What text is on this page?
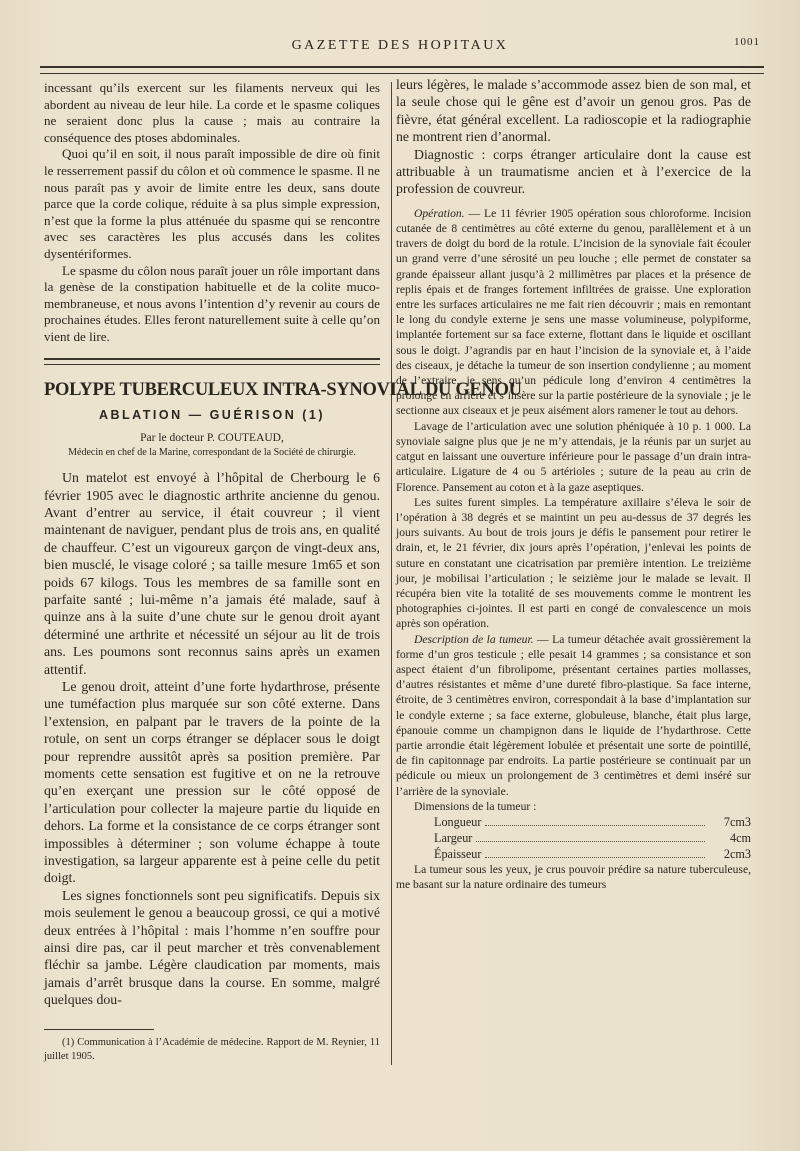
GAZETTE DES HOPITAUX	1001

incessant qu’ils exercent sur les filaments nerveux qui les abordent au niveau de leur hile. La corde et le spasme coliques ne seraient donc plus la cause ; mais au contraire la conséquence des ptoses abdominales.

Quoi qu’il en soit, il nous paraît impossible de dire où finit le resserrement passif du côlon et où commence le spasme. Il ne nous paraît pas y avoir de limite entre les deux, sans doute parce que la corde colique, réduite à sa plus simple expression, n’est que la forme la plus atténuée du spasme qui se rencontre avec ses caractères les plus accusés dans les colites dysentériformes.

Le spasme du côlon nous paraît jouer un rôle important dans la genèse de la constipation habituelle et de la colite muco-membraneuse, et nous avons l’intention d’y revenir au cours de prochaines études. Elles feront naturellement suite à celle qu’on vient de lire.

POLYPE TUBERCULEUX INTRA-SYNOVIAL DU GENOU
ABLATION — GUÉRISON (1)
Par le docteur P. COUTEAUD,
Médecin en chef de la Marine, correspondant de la Société de chirurgie.

Un matelot est envoyé à l’hôpital de Cherbourg le 6 février 1905 avec le diagnostic arthrite ancienne du genou. Avant d’entrer au service, il était couvreur ; il vient maintenant de naviguer, pendant plus de trois ans, en qualité de chauffeur. C’est un vigoureux garçon de vingt-deux ans, bien musclé, le visage coloré ; sa taille mesure 1m65 et son poids 67 kilogs. Tous les membres de sa famille sont en parfaite santé ; lui-même n’a jamais été malade, sauf à quinze ans à la suite d’une chute sur le genou droit ayant déterminé une arthrite et nécessité un séjour au lit de trois ans. Les poumons sont reconnus sains après un examen attentif.

Le genou droit, atteint d’une forte hydarthrose, présente une tuméfaction plus marquée sur son côté externe. Dans l’extension, en palpant par le travers de la pointe de la rotule, on sent un corps étranger se déplacer sous le doigt pour reprendre aussitôt après sa position première. Par moments cette sensation est fugitive et on ne la retrouve qu’en exerçant une pression sur le côté opposé de l’articulation pour collecter la majeure partie du liquide en dehors. La forme et la consistance de ce corps étranger sont impossibles à déterminer ; son volume échappe à toute investigation, sa largeur apparente est à peine celle du petit doigt.

Les signes fonctionnels sont peu significatifs. Depuis six mois seulement le genou a beaucoup grossi, ce qui a motivé deux entrées à l’hôpital : mais l’homme n’en souffre pour ainsi dire pas, car il peut marcher et très convenablement fléchir sa jambe. Légère claudication par moments, mais jamais d’arrêt brusque dans la course. En somme, malgré quelques dou-

(1) Communication à l’Académie de médecine. Rapport de M. Reynier, 11 juillet 1905.

leurs légères, le malade s’accommode assez bien de son mal, et la seule chose qui le gêne est d’avoir un genou gros. Pas de fièvre, état général excellent. La radioscopie et la radiographie ne montrent rien d’anormal.

Diagnostic : corps étranger articulaire dont la cause est attribuable à un traumatisme ancien et à l’exercice de la profession de couvreur.

Opération. — Le 11 février 1905 opération sous chloroforme. Incision cutanée de 8 centimètres au côté externe du genou, parallèlement et à un travers de doigt du bord de la rotule. L’incision de la synoviale fait écouler un grand verre d’une sérosité un peu louche ; elle permet de constater sa grande épaisseur allant jusqu’à 2 millimètres par places et la présence de replis épais et de franges fortement infiltrées de graisse. Une exploration entre les surfaces articulaires ne me fait rien découvrir ; mais en remontant le long du condyle externe je sens une masse volumineuse, polypiforme, implantée fortement sur sa face externe, flottant dans le liquide et oscillant sous le doigt. J’agrandis par en haut l’incision de la synoviale et, à l’aide des ciseaux, je détache la tumeur de son insertion condylienne ; au moment de l’extraire, je sens qu’un pédicule long d’environ 4 centimètres la prolonge en arrière et s’insère sur la partie postérieure de la synoviale ; je le sectionne aux ciseaux et je peux aisément alors ramener le tout au dehors.

Lavage de l’articulation avec une solution phéniquée à 10 p. 1 000. La synoviale saigne plus que je ne m’y attendais, je la réunis par un surjet au catgut en laissant une ouverture inférieure pour le passage d’un drain intra-articulaire. Ligature de 4 ou 5 artérioles ; suture de la peau au crin de Florence. Pansement au coton et à la gaze aseptiques.

Les suites furent simples. La température axillaire s’éleva le soir de l’opération à 38 degrés et se maintint un peu au-dessus de 37 degrés les jours suivants. Au bout de trois jours je défis le pansement pour retirer le drain, et, le 21 février, dix jours après l’opération, j’enlevai les points de suture en constatant une cicatrisation par première intention. Le treizième jour, je mobilisai l’articulation ; le seizième jour le malade se levait. Il récupéra bien vite la totalité de ses mouvements comme le montrent les photographies ci-jointes. Il est parti en congé de convalescence un mois après son opération.

Description de la tumeur. — La tumeur détachée avait grossièrement la forme d’un gros testicule ; elle pesait 14 grammes ; sa consistance et son aspect étaient d’un fibrolipome, présentant certaines parties mollasses, d’autres résistantes et même d’une dureté fibro-plastique. Sa face interne, étroite, de 3 centimètres environ, correspondait à la base d’implantation sur le condyle externe ; sa face externe, globuleuse, blanche, était plus large, épanouie comme un champignon dans le liquide de l’hydarthrose. Cette partie arrondie était légèrement lobulée et présentait une sorte de pointillé, de fin capitonnage par endroits. La partie postérieure se continuait par un pédicule ou mieux un prolongement de 3 centimètres et demi inséré sur l’arrière de la synoviale.

Dimensions de la tumeur :

Longueur	7cm3
Largeur	4cm
Épaisseur	2cm3

La tumeur sous les yeux, je crus pouvoir prédire sa nature tuberculeuse, me basant sur la nature ordinaire des tumeurs
